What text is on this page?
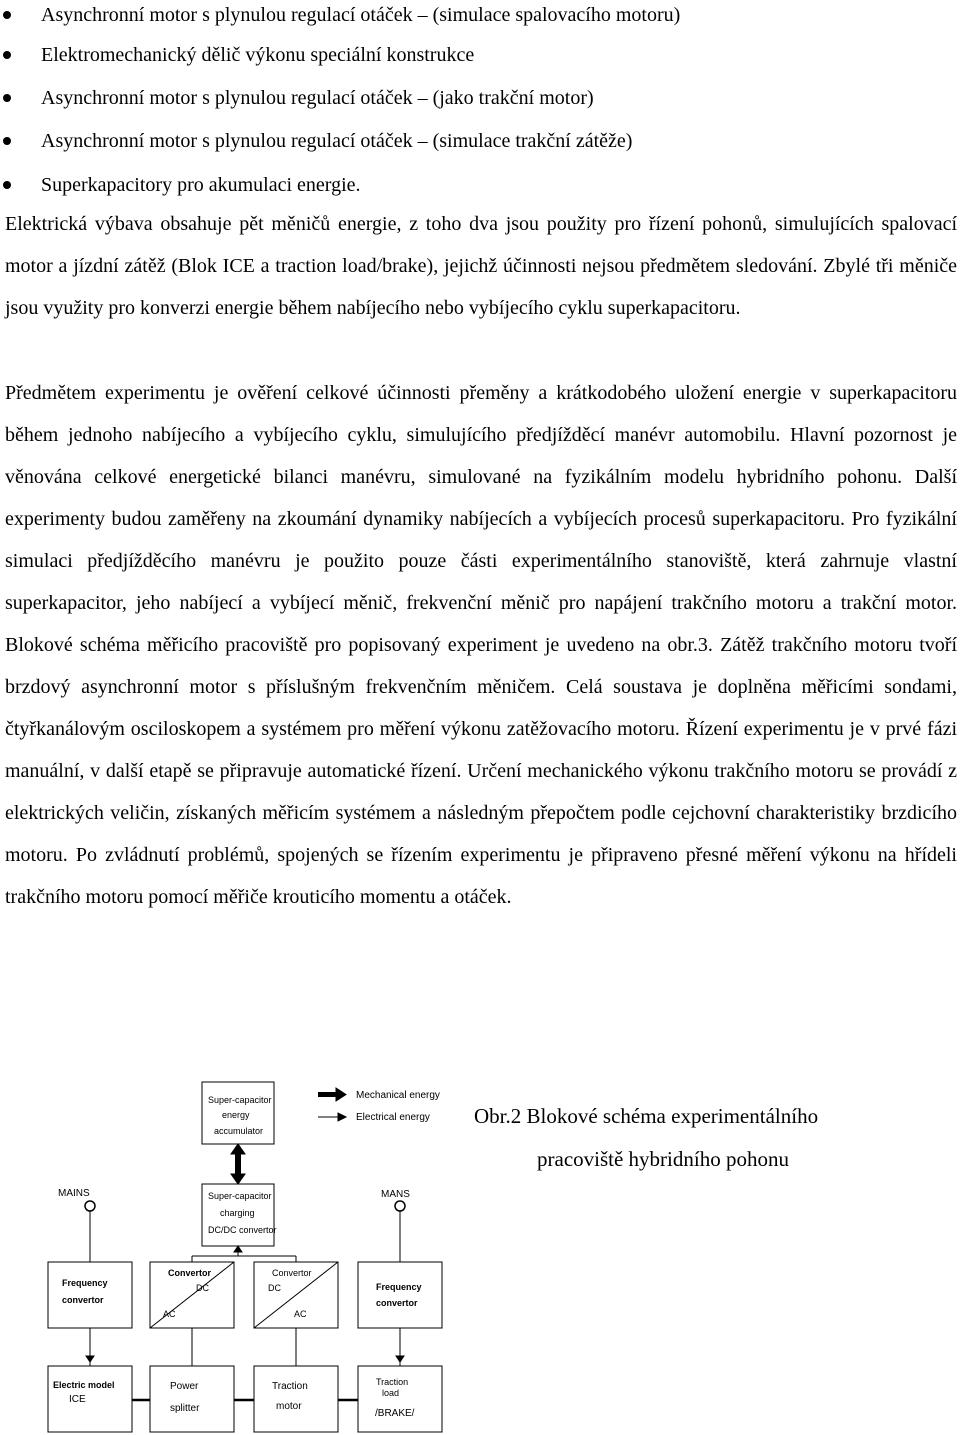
Asynchronní motor s plynulou regulací otáček – (simulace spalovacího motoru)
Elektromechanický dělič výkonu speciální konstrukce
Asynchronní motor s plynulou regulací otáček – (jako trakční motor)
Asynchronní motor s plynulou regulací otáček – (simulace trakční zátěže)
Superkapacitory pro akumulaci energie.

Elektrická výbava obsahuje pět měničů energie, z toho dva jsou použity pro řízení pohonů, simulujících spalovací motor a jízdní zátěž (Blok ICE a traction load/brake), jejichž účinnosti nejsou předmětem sledování. Zbylé tři měniče jsou využity pro konverzi energie během nabíjecího nebo vybíjecího cyklu superkapacitoru.

Předmětem experimentu je ověření celkové účinnosti přeměny a krátkodobého uložení energie v superkapacitoru během jednoho nabíjecího a vybíjecího cyklu, simulujícího předjížděcí manévr automobilu. Hlavní pozornost je věnována celkové energetické bilanci manévru, simulované na fyzikálním modelu hybridního pohonu. Další experimenty budou zaměřeny na zkoumání dynamiky nabíjecích a vybíjecích procesů superkapacitoru. Pro fyzikální simulaci předjížděcího manévru je použito pouze části experimentálního stanoviště, která zahrnuje vlastní superkapacitor, jeho nabíjecí a vybíjecí měnič, frekvenční měnič pro napájení trakčního motoru a trakční motor. Blokové schéma měřicího pracoviště pro popisovaný experiment je uvedeno na obr.3. Zátěž trakčního motoru tvoří brzdový asynchronní motor s příslušným frekvenčním měničem. Celá soustava je doplněna měřicími sondami, čtyřkanálovým osciloskopem a systémem pro měření výkonu zatěžovacího motoru. Řízení experimentu je v prvé fázi manuální, v další etapě se připravuje automatické řízení. Určení mechanického výkonu trakčního motoru se provádí z elektrických veličin, získaných měřicím systémem a následným přepočtem podle cejchovní charakteristiky brzdicího motoru. Po zvládnutí problémů, spojených se řízením experimentu je připraveno přesné měření výkonu na hřídeli trakčního motoru pomocí měřiče krouticího momentu a otáček.

Super-capacitor
energy
accumulator
Mechanical energy
Electrical energy
MAINS	MANS
Super-capacitor
charging
DC/DC convertor
Frequency
convertor
Convertor
DC
AC
Convertor
DC
AC
Frequency
convertor
Electric model
ICE
Power
splitter
Traction
motor
Traction
load
/BRAKE/
Obr.2 Blokové schéma experimentálního
pracoviště hybridního pohonu
